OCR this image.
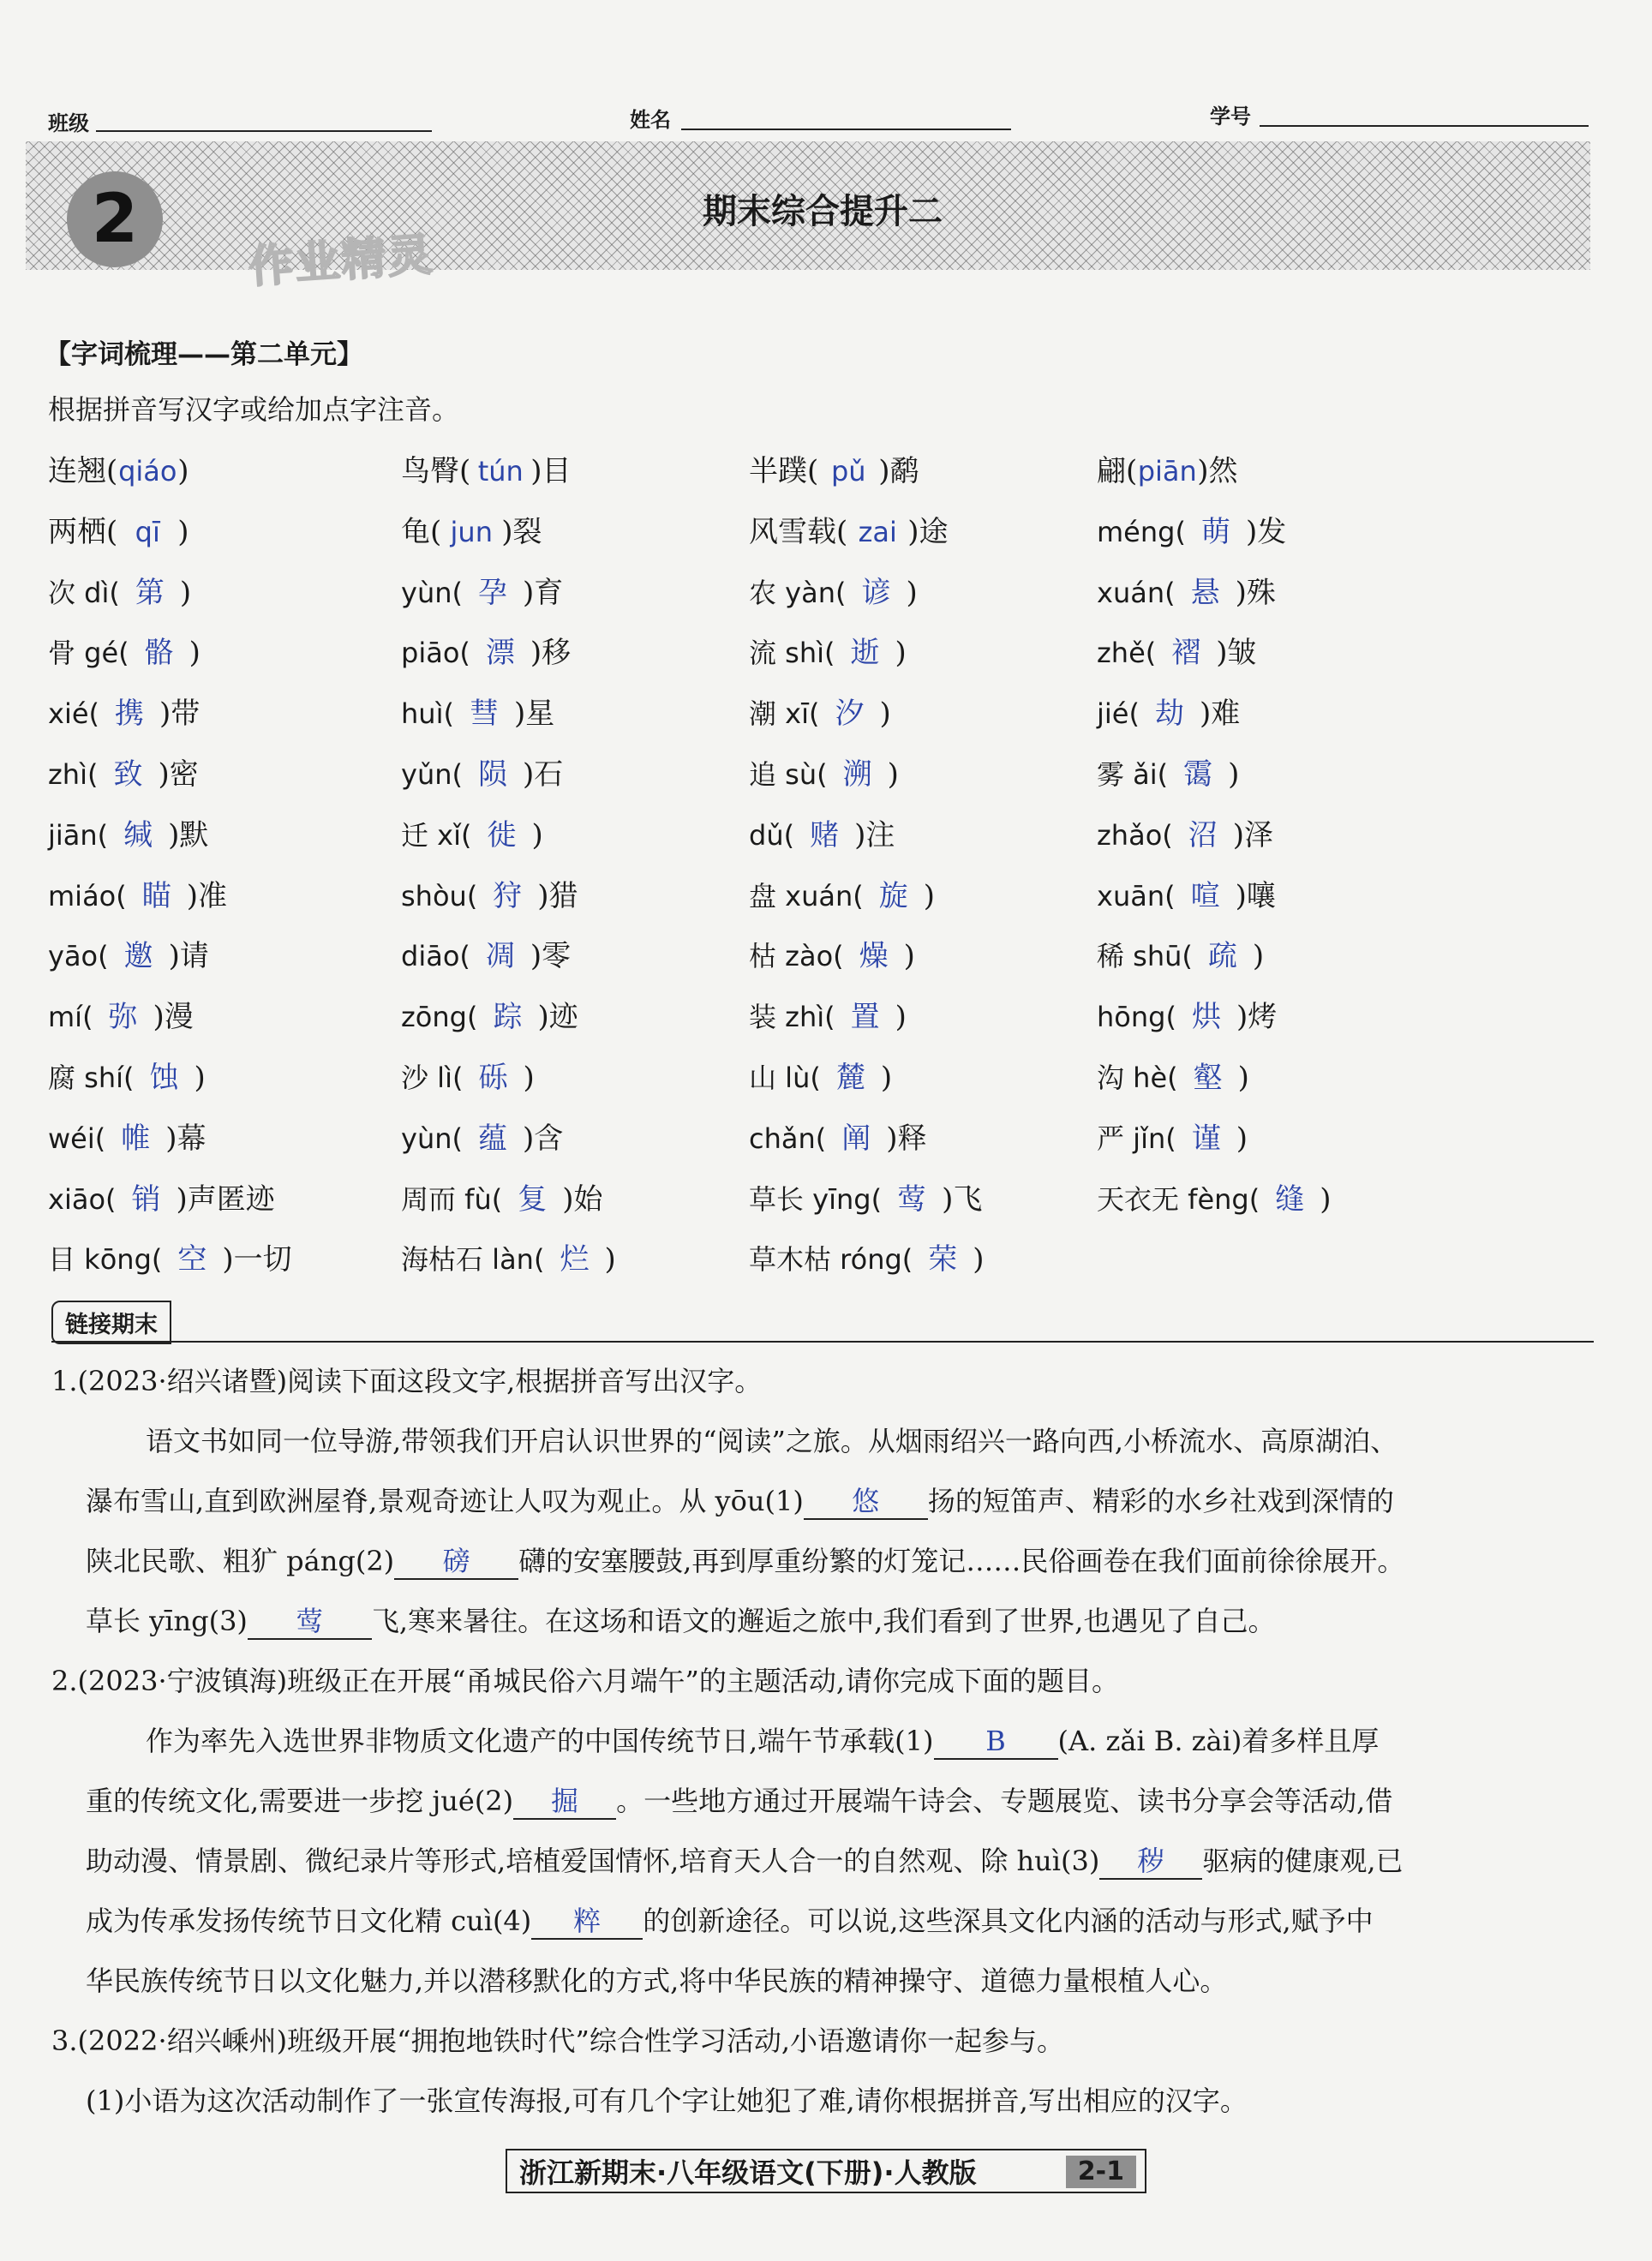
班级	姓名	学号
2
作业精灵
期末综合提升二
【字词梳理——第二单元】
根据拼音写汉字或给加点字注音。
连翘(qiáo)	鸟臀( tún )目	半蹼( pǔ )鹬	翩(piān)然
两栖( qī )	龟( jun )裂	风雪载( zai )途	méng( 萌 )发
次 dì( 第 )	yùn( 孕 )育	农 yàn( 谚 )	xuán( 悬 )殊
骨 gé( 骼 )	piāo( 漂 )移	流 shì( 逝 )	zhě( 褶 )皱
xié( 携 )带	huì( 彗 )星	潮 xī( 汐 )	jié( 劫 )难
zhì( 致 )密	yǔn( 陨 )石	追 sù( 溯 )	雾 ǎi( 霭 )
jiān( 缄 )默	迁 xǐ( 徙 )	dǔ( 赌 )注	zhǎo( 沼 )泽
miáo( 瞄 )准	shòu( 狩 )猎	盘 xuán( 旋 )	xuān( 喧 )嚷
yāo( 邀 )请	diāo( 凋 )零	枯 zào( 燥 )	稀 shū( 疏 )
mí( 弥 )漫	zōng( 踪 )迹	装 zhì( 置 )	hōng( 烘 )烤
腐 shí( 蚀 )	沙 lì( 砾 )	山 lù( 麓 )	沟 hè( 壑 )
wéi( 帷 )幕	yùn( 蕴 )含	chǎn( 阐 )释	严 jǐn( 谨 )
xiāo( 销 )声匿迹	周而 fù( 复 )始	草长 yīng( 莺 )飞	天衣无 fèng( 缝 )
目 kōng( 空 )一切	海枯石 làn( 烂 )	草木枯 róng( 荣 )
链接期末
1.(2023·绍兴诸暨)阅读下面这段文字,根据拼音写出汉字。
语文书如同一位导游,带领我们开启认识世界的“阅读”之旅。从烟雨绍兴一路向西,小桥流水、高原湖泊、
瀑布雪山,直到欧洲屋脊,景观奇迹让人叹为观止。从 yōu(1) 悠 扬的短笛声、精彩的水乡社戏到深情的
陕北民歌、粗犷 páng(2) 磅 礴的安塞腰鼓,再到厚重纷繁的灯笼记……民俗画卷在我们面前徐徐展开。
草长 yīng(3) 莺 飞,寒来暑往。在这场和语文的邂逅之旅中,我们看到了世界,也遇见了自己。
2.(2023·宁波镇海)班级正在开展“甬城民俗六月端午”的主题活动,请你完成下面的题目。
作为率先入选世界非物质文化遗产的中国传统节日,端午节承载(1) B (A. zǎi B. zài)着多样且厚
重的传统文化,需要进一步挖 jué(2) 掘 。一些地方通过开展端午诗会、专题展览、读书分享会等活动,借
助动漫、情景剧、微纪录片等形式,培植爱国情怀,培育天人合一的自然观、除 huì(3) 秽 驱病的健康观,已
成为传承发扬传统节日文化精 cuì(4) 粹 的创新途径。可以说,这些深具文化内涵的活动与形式,赋予中
华民族传统节日以文化魅力,并以潜移默化的方式,将中华民族的精神操守、道德力量根植人心。
3.(2022·绍兴嵊州)班级开展“拥抱地铁时代”综合性学习活动,小语邀请你一起参与。
(1)小语为这次活动制作了一张宣传海报,可有几个字让她犯了难,请你根据拼音,写出相应的汉字。
浙江新期末·八年级语文(下册)·人教版	2-1
